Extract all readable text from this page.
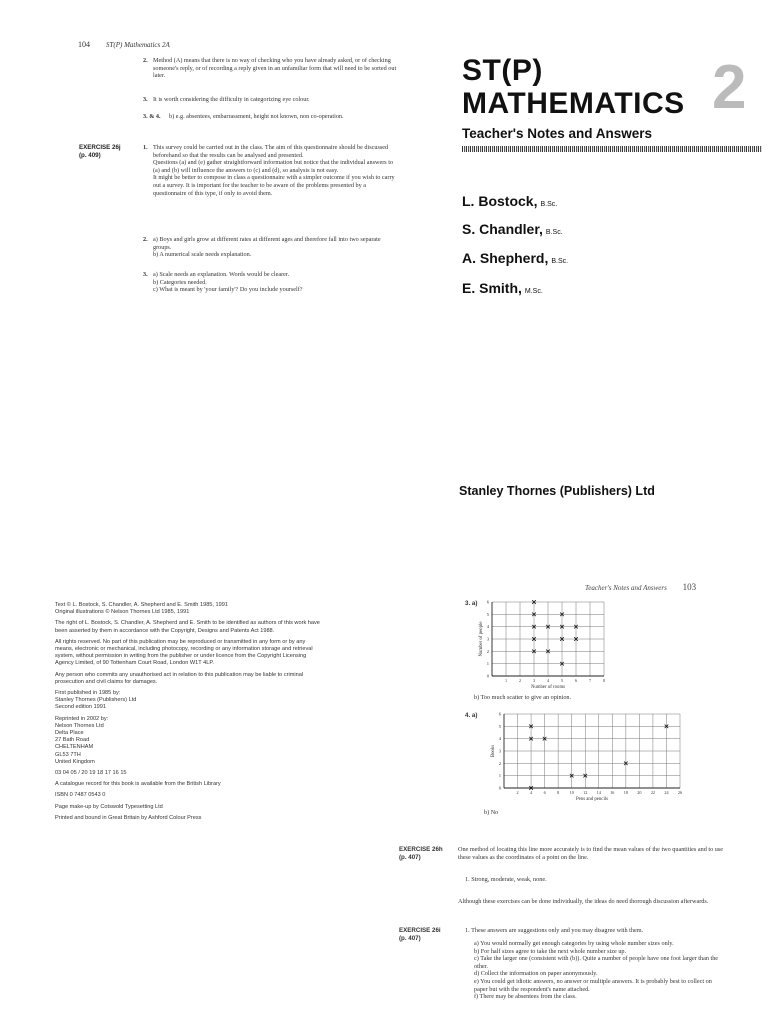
104 ST(P) Mathematics 2A
2. Method (A) means that there is no way of checking who you have already asked, or of checking someone's reply, or of recording a reply given in an unfamiliar form that will need to be sorted out later.
3. It is worth considering the difficulty in categorizing eye colour.
3. & 4.	b) e.g. absentees, embarrassment, height not known, non co-operation.
EXERCISE 26j
(p. 409)
1. This survey could be carried out in the class. The aim of this questionnaire should be discussed beforehand so that the results can be analysed and presented.
Questions (a) and (e) gather straightforward information but notice that the individual answers to (a) and (b) will influence the answers to (c) and (d), so analysis is not easy.
It might be better to compose in class a questionnaire with a simpler outcome if you wish to carry out a survey. It is important for the teacher to be aware of the problems presented by a questionnaire of this type, if only to avoid them.
2. a) Boys and girls grow at different rates at different ages and therefore fall into two separate groups.
b) A numerical scale needs explanation.
3. a) Scale needs an explanation. Words would be clearer.
b) Categories needed.
c) What is meant by 'your family'? Do you include yourself?
ST(P)
MATHEMATICS 2
Teacher's Notes and Answers
L. Bostock, B.Sc.
S. Chandler, B.Sc.
A. Shepherd, B.Sc.
E. Smith, M.Sc.
Stanley Thornes (Publishers) Ltd
Text © L. Bostock, S. Chandler, A. Shepherd and E. Smith 1985, 1991
Original illustrations © Nelson Thornes Ltd 1985, 1991
The right of L. Bostock, S. Chandler, A. Shepherd and E. Smith to be identified as authors of this work have been asserted by them in accordance with the Copyright, Designs and Patents Act 1988.
All rights reserved. No part of this publication may be reproduced or transmitted in any form or by any means, electronic or mechanical, including photocopy, recording or any information storage and retrieval system, without permission in writing from the publisher or under licence from the Copyright Licensing Agency Limited, of 90 Tottenham Court Road, London W1T 4LP.
Any person who commits any unauthorised act in relation to this publication may be liable to criminal prosecution and civil claims for damages.
First published in 1985 by:
Stanley Thornes (Publishers) Ltd
Second edition 1991
Reprinted in 2002 by:
Nelson Thornes Ltd
Delta Place
27 Bath Road
CHELTENHAM
GL53 7TH
United Kingdom
03 04 05 / 20 19 18 17 16 15
A catalogue record for this book is available from the British Library
ISBN 0 7487 0543 0
Page make-up by Cotswold Typesetting Ltd
Printed and bound in Great Britain by Ashford Colour Press
Teacher's Notes and Answers 103
3. a)
1	2	3	4	5	6	7	8
0
1
2
3
4
5
6
Number of rooms
Number of people
b) Too much scatter to give an opinion.
4. a)
2	4	6	8 10 12 14 16 18 20 22 24 26
0
1
2
3
4
5
6
Pens and pencils
Books
b) No
EXERCISE 26h
(p. 407)
One method of locating this line more accurately is to find the mean values of the two quantities and to use these values as the coordinates of a point on the line.
1. Strong, moderate, weak, none.
Although these exercises can be done individually, the ideas do need thorough discussion afterwards.
EXERCISE 26i
(p. 407)
1. These answers are suggestions only and you may disagree with them.
a) You would normally get enough categories by using whole number sizes only.
b) For half sizes agree to take the next whole number size up.
c) Take the larger one (consistent with (b)). Quite a number of people have one foot larger than the other.
d) Collect the information on paper anonymously.
e) You could get idiotic answers, no answer or multiple answers. It is probably best to collect on paper but with the respondent's name attached.
f) There may be absentees from the class.
